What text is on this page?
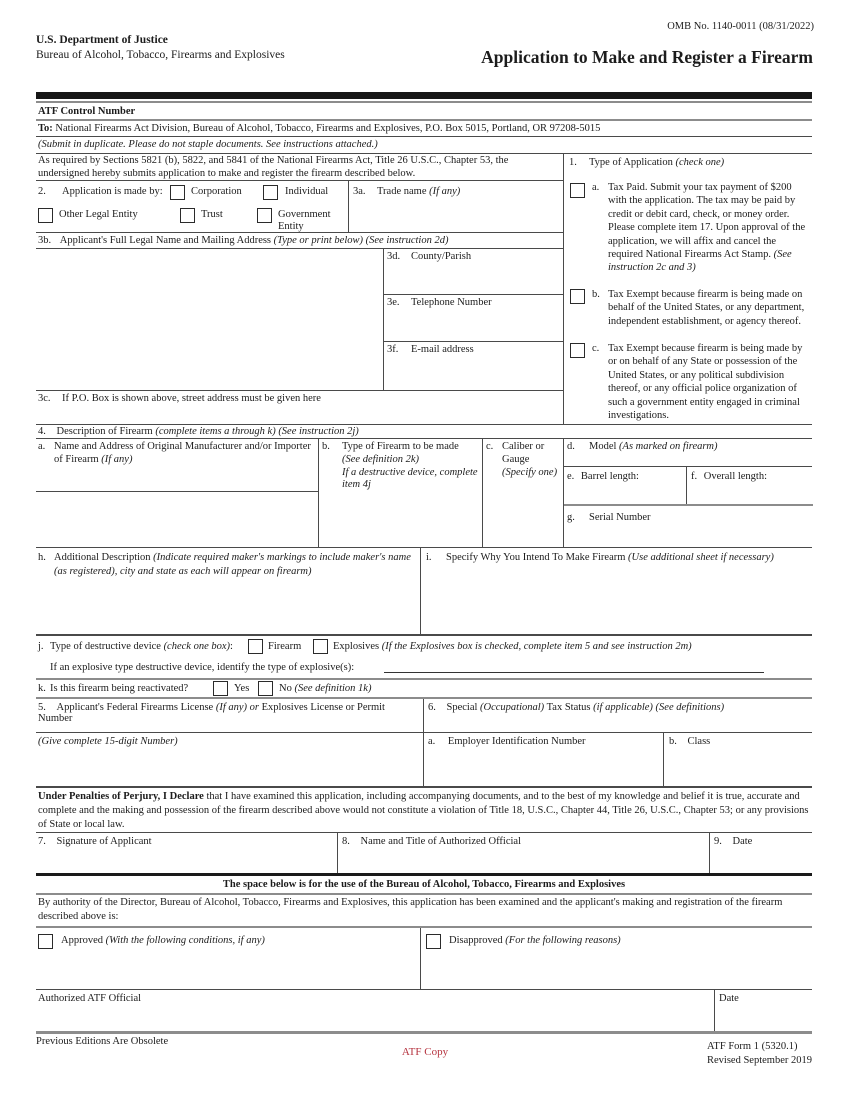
OMB No. 1140-0011 (08/31/2022)
U.S. Department of Justice
Bureau of Alcohol, Tobacco, Firearms and Explosives	Application to Make and Register a Firearm
ATF Control Number
To: National Firearms Act Division, Bureau of Alcohol, Tobacco, Firearms and Explosives, P.O. Box 5015, Portland, OR 97208-5015
(Submit in duplicate. Please do not staple documents. See instructions attached.)
As required by Sections 5821 (b), 5822, and 5841 of the National Firearms Act, Title 26 U.S.C., Chapter 53, the undersigned hereby submits application to make and register the firearm described below.
2. Application is made by:	Corporation	Individual
Other Legal Entity	Trust	Government Entity
3a.	Trade name (If any)
3b. Applicant's Full Legal Name and Mailing Address (Type or print below) (See instruction 2d)
3d.	County/Parish
3e.	Telephone Number
3f.	E-mail address
3c.	If P.O. Box is shown above, street address must be given here
1.	Type of Application (check one)
a. Tax Paid. Submit your tax payment of $200 with the application. The tax may be paid by credit or debit card, check, or money order. Please complete item 17. Upon approval of the application, we will affix and cancel the required National Firearms Act Stamp. (See instruction 2c and 3)
b. Tax Exempt because firearm is being made on behalf of the United States, or any department, independent establishment, or agency thereof.
c. Tax Exempt because firearm is being made by or on behalf of any State or possession of the United States, or any political subdivision thereof, or any official police organization of such a government entity engaged in criminal investigations.
4. Description of Firearm (complete items a through k) (See instruction 2j)
a. Name and Address of Original Manufacturer and/or Importer of Firearm (If any)
b.	Type of Firearm to be made
(See definition 2k)
If a destructive device, complete item 4j
c. Caliber or Gauge (Specify one)
d.	Model (As marked on firearm)
e. Barrel length:	f. Overall length:
g.	Serial Number
h. Additional Description (Indicate required maker's markings to include maker's name (as registered), city and state as each will appear on firearm)
i.	Specify Why You Intend To Make Firearm (Use additional sheet if necessary)
j. Type of destructive device (check one box):	Firearm	Explosives (If the Explosives box is checked, complete item 5 and see instruction 2m)
If an explosive type destructive device, identify the type of explosive(s):
k. Is this firearm being reactivated?	Yes	No (See definition 1k)
5. Applicant's Federal Firearms License (If any) or Explosives License or Permit Number
(Give complete 15-digit Number)
6. Special (Occupational) Tax Status (if applicable) (See definitions)
a. Employer Identification Number	b. Class
Under Penalties of Perjury, I Declare that I have examined this application, including accompanying documents, and to the best of my knowledge and belief it is true, accurate and complete and the making and possession of the firearm described above would not constitute a violation of Title 18, U.S.C., Chapter 44, Title 26, U.S.C., Chapter 53; or any provisions of State or local law.
7. Signature of Applicant	8. Name and Title of Authorized Official	9. Date
The space below is for the use of the Bureau of Alcohol, Tobacco, Firearms and Explosives
By authority of the Director, Bureau of Alcohol, Tobacco, Firearms and Explosives, this application has been examined and the applicant's making and registration of the firearm described above is:
Approved (With the following conditions, if any)	Disapproved (For the following reasons)
Authorized ATF Official	Date
Previous Editions Are Obsolete
ATF Copy	ATF Form 1 (5320.1)
Revised September 2019
